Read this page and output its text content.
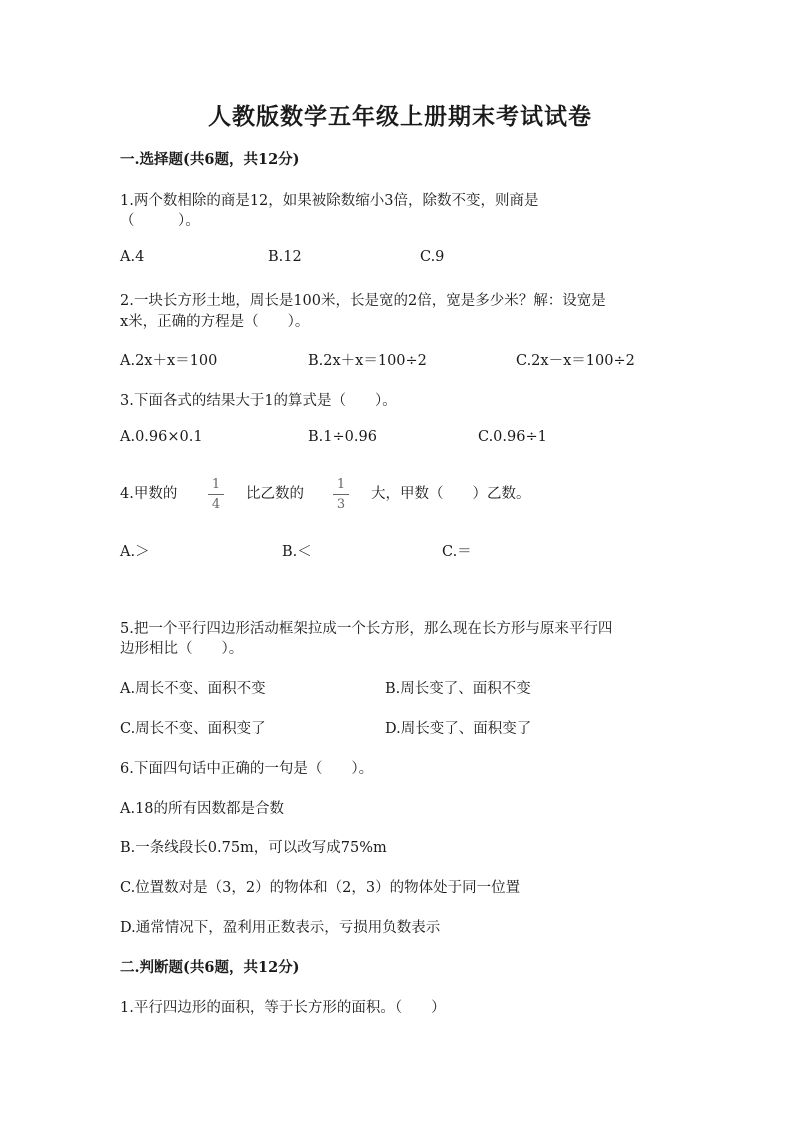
人教版数学五年级上册期末考试试卷
一.选择题(共6题，共12分)
1.两个数相除的商是12，如果被除数缩小3倍，除数不变，则商是
（　　　）。
A.4	B.12	C.9
2.一块长方形土地，周长是100米，长是宽的2倍，宽是多少米？解：设宽是
x米，正确的方程是（　　）。
A.2x＋x＝100	B.2x＋x＝100÷2	C.2x－x＝100÷2
3.下面各式的结果大于1的算式是（　　）。
A.0.96×0.1	B.1÷0.96	C.0.96÷1
4.甲数的
1
4
比乙数的
1
3
大，甲数（　　）乙数。
A.＞	B.＜	C.＝
5.把一个平行四边形活动框架拉成一个长方形，那么现在长方形与原来平行四
边形相比（　　）。
A.周长不变、面积不变	B.周长变了、面积不变
C.周长不变、面积变了	D.周长变了、面积变了
6.下面四句话中正确的一句是（　　）。
A.18的所有因数都是合数
B.一条线段长0.75m，可以改写成75%m
C.位置数对是（3，2）的物体和（2，3）的物体处于同一位置
D.通常情况下，盈利用正数表示，亏损用负数表示
二.判断题(共6题，共12分)
1.平行四边形的面积，等于长方形的面积。（　　）
